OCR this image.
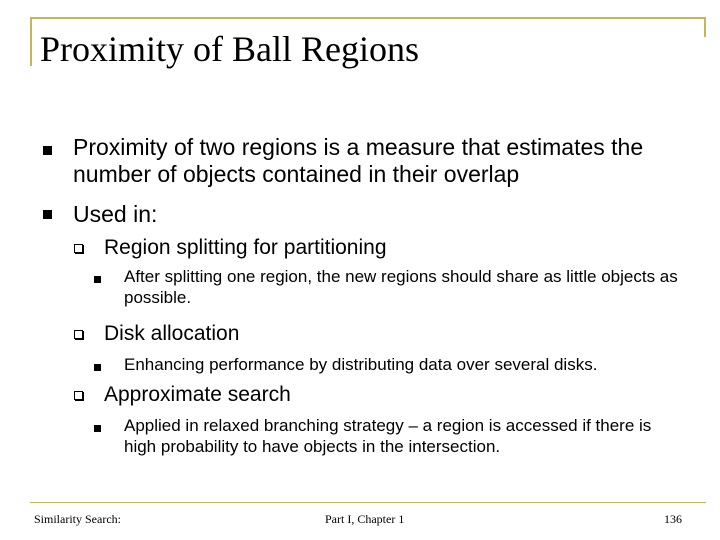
Proximity of Ball Regions
Proximity of two regions is a measure that estimates the number of objects contained in their overlap
Used in:
Region splitting for partitioning
After splitting one region, the new regions should share as little objects as possible.
Disk allocation
Enhancing performance by distributing data over several disks.
Approximate search
Applied in relaxed branching strategy – a region is accessed if there is high probability to have objects in the intersection.
Similarity Search:	Part I, Chapter 1	136
